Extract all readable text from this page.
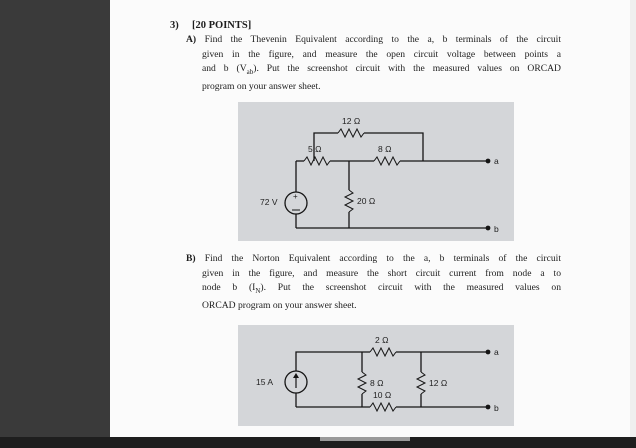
3) [20 POINTS]
A) Find the Thevenin Equivalent according to the a, b terminals of the circuit
given in the figure, and measure the open circuit voltage between points a
and b $(V_{ab})$. Put the screenshot circuit with the measured values on ORCAD
program on your answer sheet.
12 Ω
5 Ω	8 Ω
20 Ω
72 V
+
a
b
B) Find the Norton Equivalent according to the a, b terminals of the circuit
given in the figure, and measure the short circuit current from node a to
node b $(I_N)$. Put the screenshot circuit with the measured values on
ORCAD program on your answer sheet.
2 Ω
8 Ω	12 Ω
10 Ω
15 A
a
b
